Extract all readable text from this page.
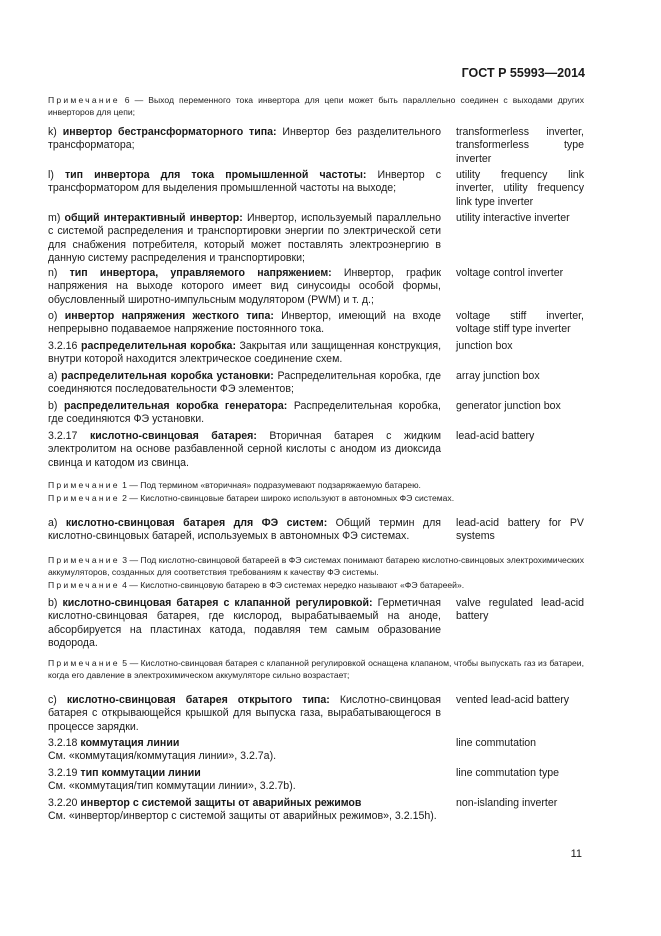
ГОСТ Р 55993—2014
Примечание 6 — Выход переменного тока инвертора для цепи может быть параллельно соединен с выходами других инверторов для цепи;
k) инвертор бестрансформаторного типа: Инвертор без разделительного трансформатора;
transformerless inverter, transformerless type inverter
l) тип инвертора для тока промышленной частоты: Инвертор с трансформатором для выделения промышленной частоты на выходе;
utility frequency link inverter, utility frequency link type inverter
m) общий интерактивный инвертор: Инвертор, используемый параллельно с системой распределения и транспортировки энергии по электрической сети для снабжения потребителя, который может поставлять электроэнергию в данную систему распределения и транспортировки;
utility interactive inverter
n) тип инвертора, управляемого напряжением: Инвертор, график напряжения на выходе которого имеет вид синусоиды особой формы, обусловленный широтно-импульсным модулятором (PWM) и т. д.;
voltage control inverter
o) инвертор напряжения жесткого типа: Инвертор, имеющий на входе непрерывно подаваемое напряжение постоянного тока.
voltage stiff inverter, voltage stiff type inverter
3.2.16 распределительная коробка: Закрытая или защищенная конструкция, внутри которой находится электрическое соединение схем.
junction box
a) распределительная коробка установки: Распределительная коробка, где соединяются последовательности ФЭ элементов;
array junction box
b) распределительная коробка генератора: Распределительная коробка, где соединяются ФЭ установки.
generator junction box
3.2.17 кислотно-свинцовая батарея: Вторичная батарея с жидким электролитом на основе разбавленной серной кислоты с анодом из диоксида свинца и катодом из свинца.
lead-acid battery
Примечание 1 — Под термином «вторичная» подразумевают подзаряжаемую батарею.
Примечание 2 — Кислотно-свинцовые батареи широко используют в автономных ФЭ системах.
a) кислотно-свинцовая батарея для ФЭ систем: Общий термин для кислотно-свинцовых батарей, используемых в автономных ФЭ системах.
lead-acid battery for PV systems
Примечание 3 — Под кислотно-свинцовой батареей в ФЭ системах понимают батарею кислотно-свинцовых электрохимических аккумуляторов, созданных для соответствия требованиям к качеству ФЭ системы.
Примечание 4 — Кислотно-свинцовую батарею в ФЭ системах нередко называют «ФЭ батареей».
b) кислотно-свинцовая батарея с клапанной регулировкой: Герметичная кислотно-свинцовая батарея, где кислород, вырабатываемый на аноде, абсорбируется на пластинах катода, подавляя тем самым образование водорода.
valve regulated lead-acid battery
Примечание 5 — Кислотно-свинцовая батарея с клапанной регулировкой оснащена клапаном, чтобы выпускать газ из батареи, когда его давление в электрохимическом аккумуляторе сильно возрастает;
c) кислотно-свинцовая батарея открытого типа: Кислотно-свинцовая батарея с открывающейся крышкой для выпуска газа, вырабатывающегося в процессе зарядки.
vented lead-acid battery
3.2.18 коммутация линии
См. «коммутация/коммутация линии», 3.2.7a).
line commutation
3.2.19 тип коммутации линии
См. «коммутация/тип коммутации линии», 3.2.7b).
line commutation type
3.2.20 инвертор с системой защиты от аварийных режимов
См. «инвертор/инвертор с системой защиты от аварийных режимов», 3.2.15h).
non-islanding inverter
11
